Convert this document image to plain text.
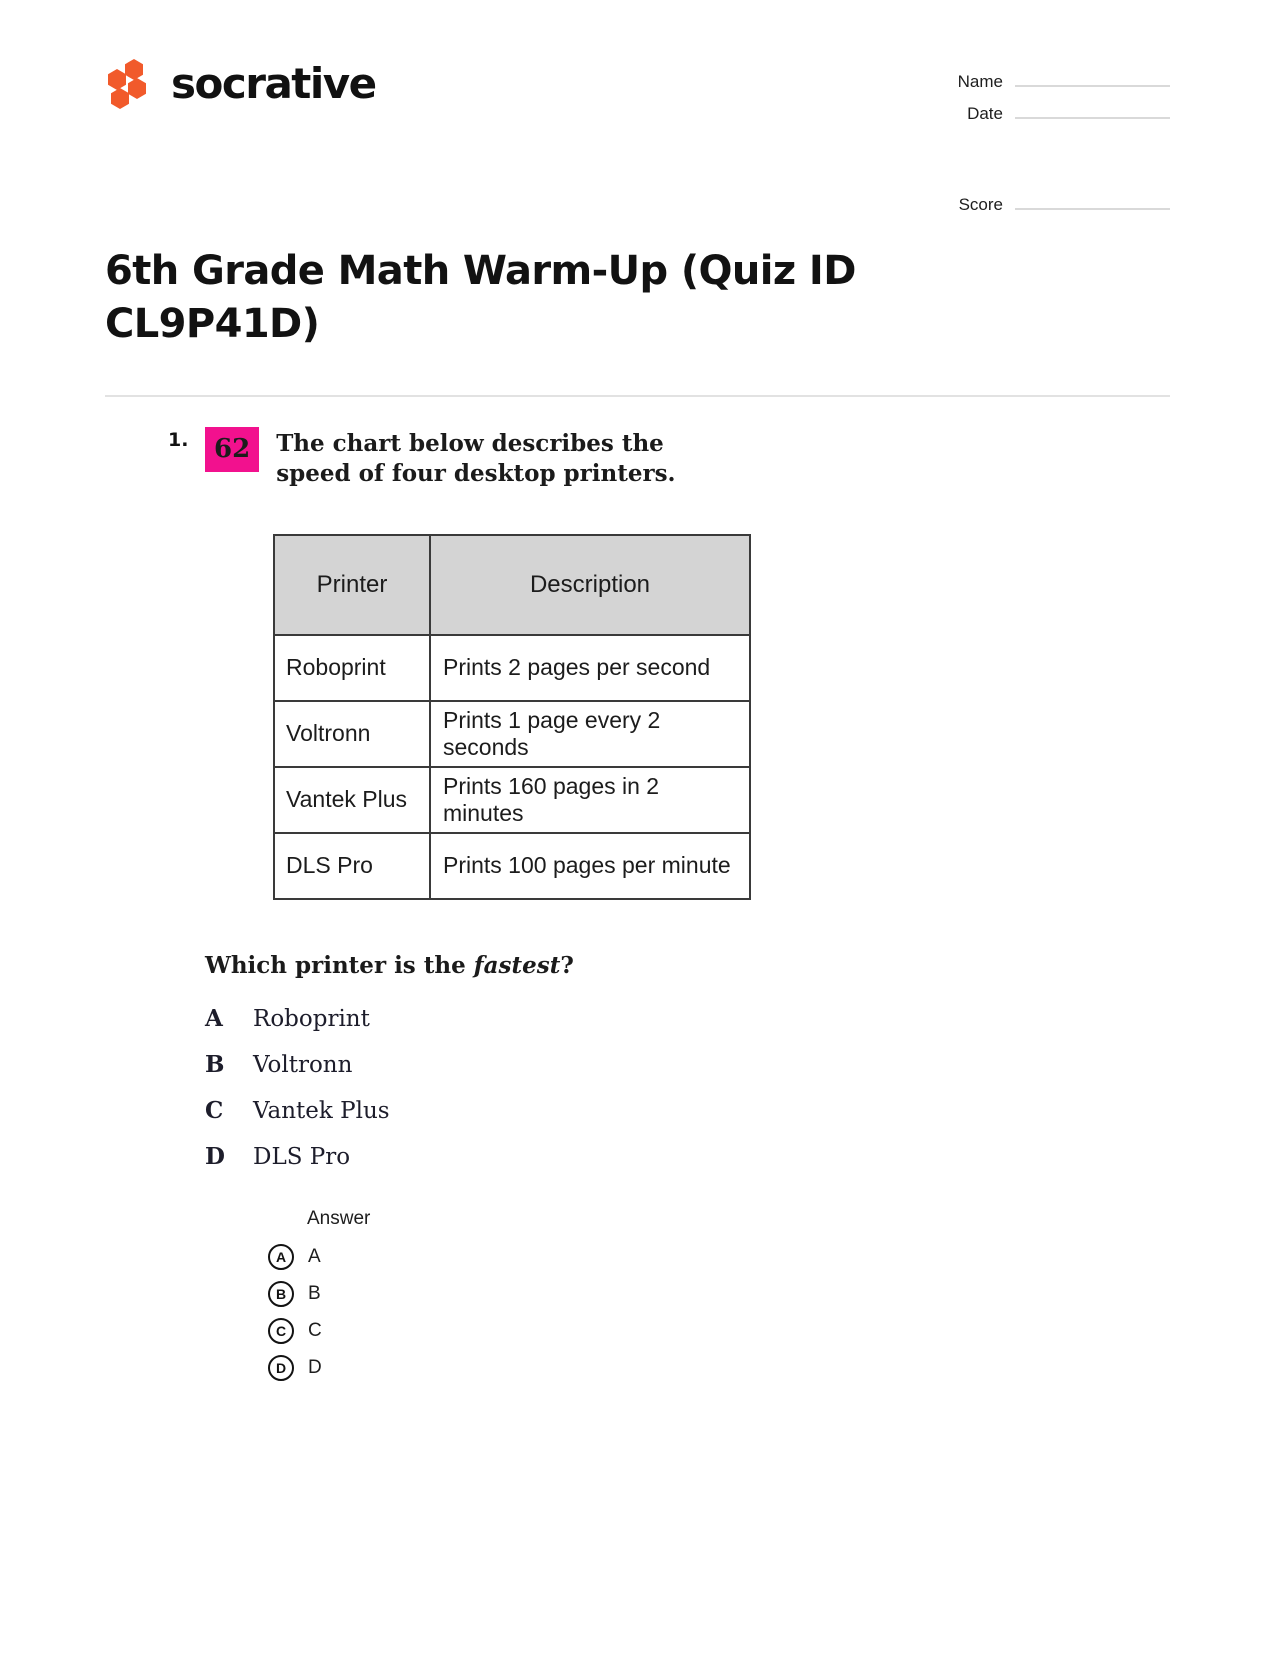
socrative	Name
Date
Score
6th Grade Math Warm-Up (Quiz ID CL9P41D)
1. 62	The chart below describes the speed of four desktop printers.
Printer	Description
Roboprint	Prints 2 pages per second
Voltronn	Prints 1 page every 2 seconds
Vantek Plus	Prints 160 pages in 2 minutes
DLS Pro	Prints 100 pages per minute
Which printer is the fastest?
A	Roboprint
B	Voltronn
C	Vantek Plus
D	DLS Pro
Answer
A	A
B	B
C	C
D	D
